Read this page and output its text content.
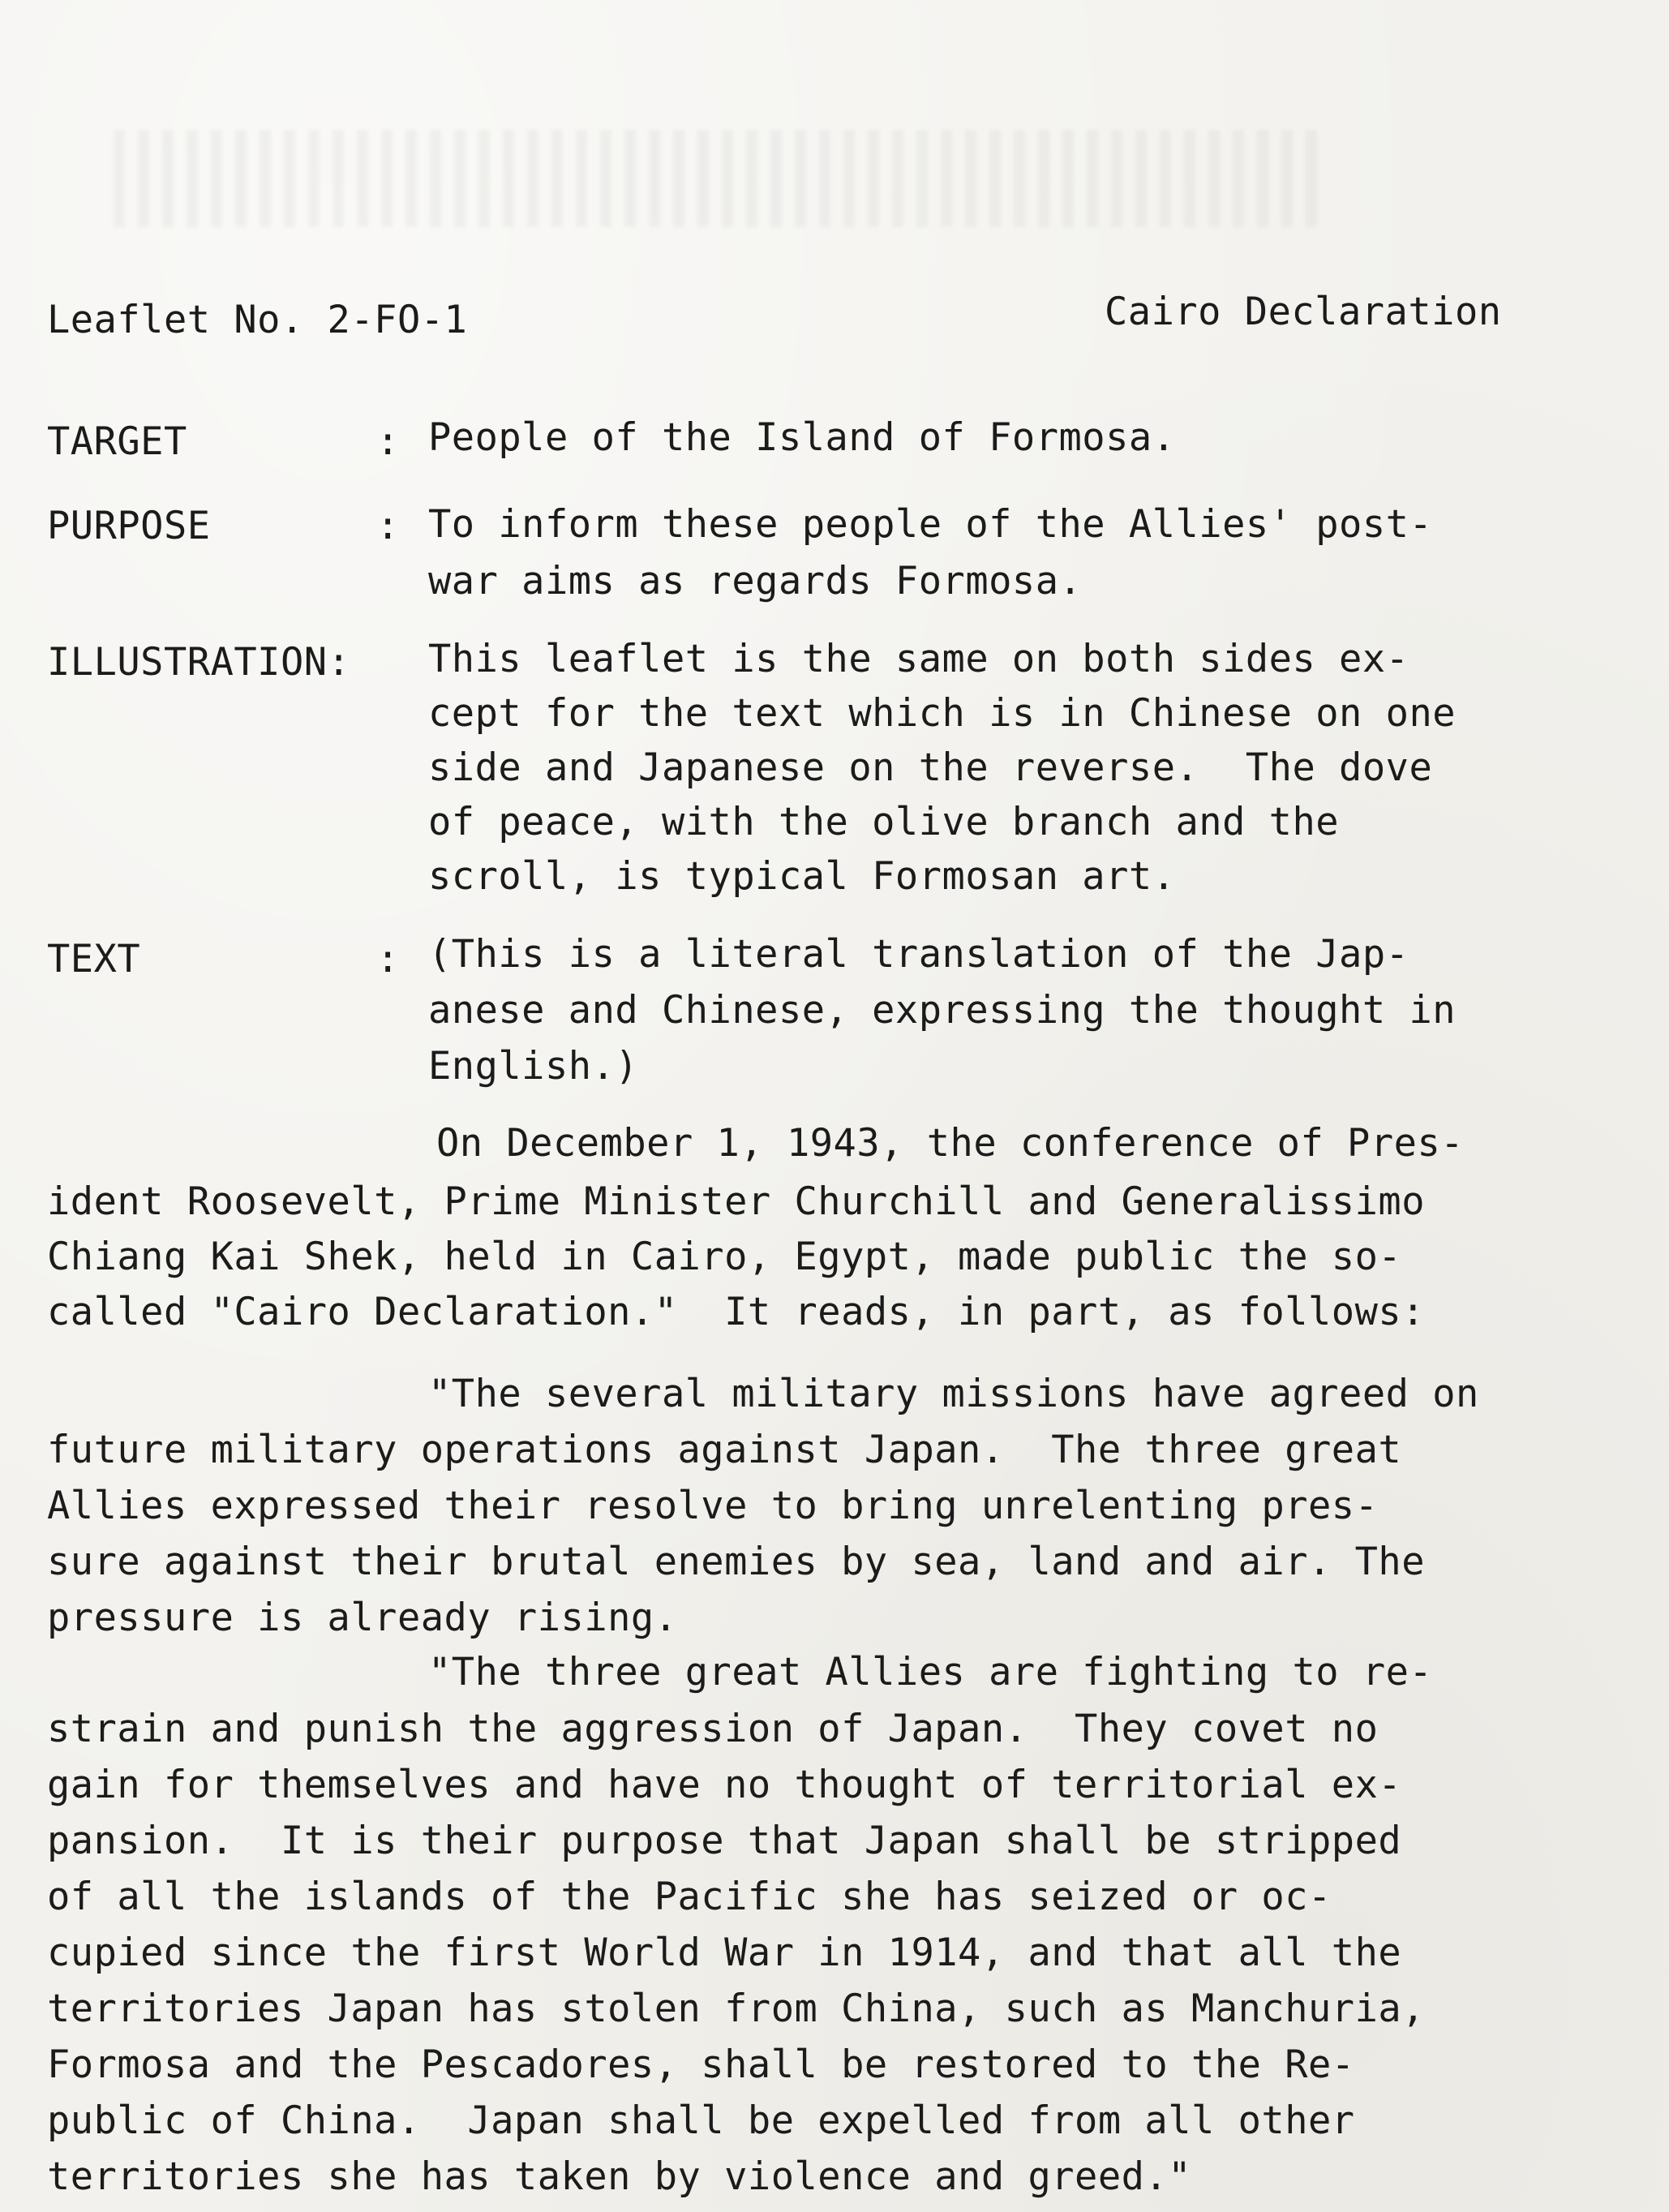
Leaflet No. 2-FO-1	Cairo Declaration
TARGET	: People of the Island of Formosa.
PURPOSE	: To inform these people of the Allies' post-
war aims as regards Formosa.
ILLUSTRATION: This leaflet is the same on both sides ex-
cept for the text which is in Chinese on one
side and Japanese on the reverse.  The dove
of peace, with the olive branch and the
scroll, is typical Formosan art.
TEXT	: (This is a literal translation of the Jap-
anese and Chinese, expressing the thought in
English.)
On December 1, 1943, the conference of Pres-
ident Roosevelt, Prime Minister Churchill and Generalissimo
Chiang Kai Shek, held in Cairo, Egypt, made public the so-
called "Cairo Declaration."  It reads, in part, as follows:
"The several military missions have agreed on
future military operations against Japan.  The three great
Allies expressed their resolve to bring unrelenting pres-
sure against their brutal enemies by sea, land and air. The
pressure is already rising.
"The three great Allies are fighting to re-
strain and punish the aggression of Japan.  They covet no
gain for themselves and have no thought of territorial ex-
pansion.  It is their purpose that Japan shall be stripped
of all the islands of the Pacific she has seized or oc-
cupied since the first World War in 1914, and that all the
territories Japan has stolen from China, such as Manchuria,
Formosa and the Pescadores, shall be restored to the Re-
public of China.  Japan shall be expelled from all other
territories she has taken by violence and greed."
